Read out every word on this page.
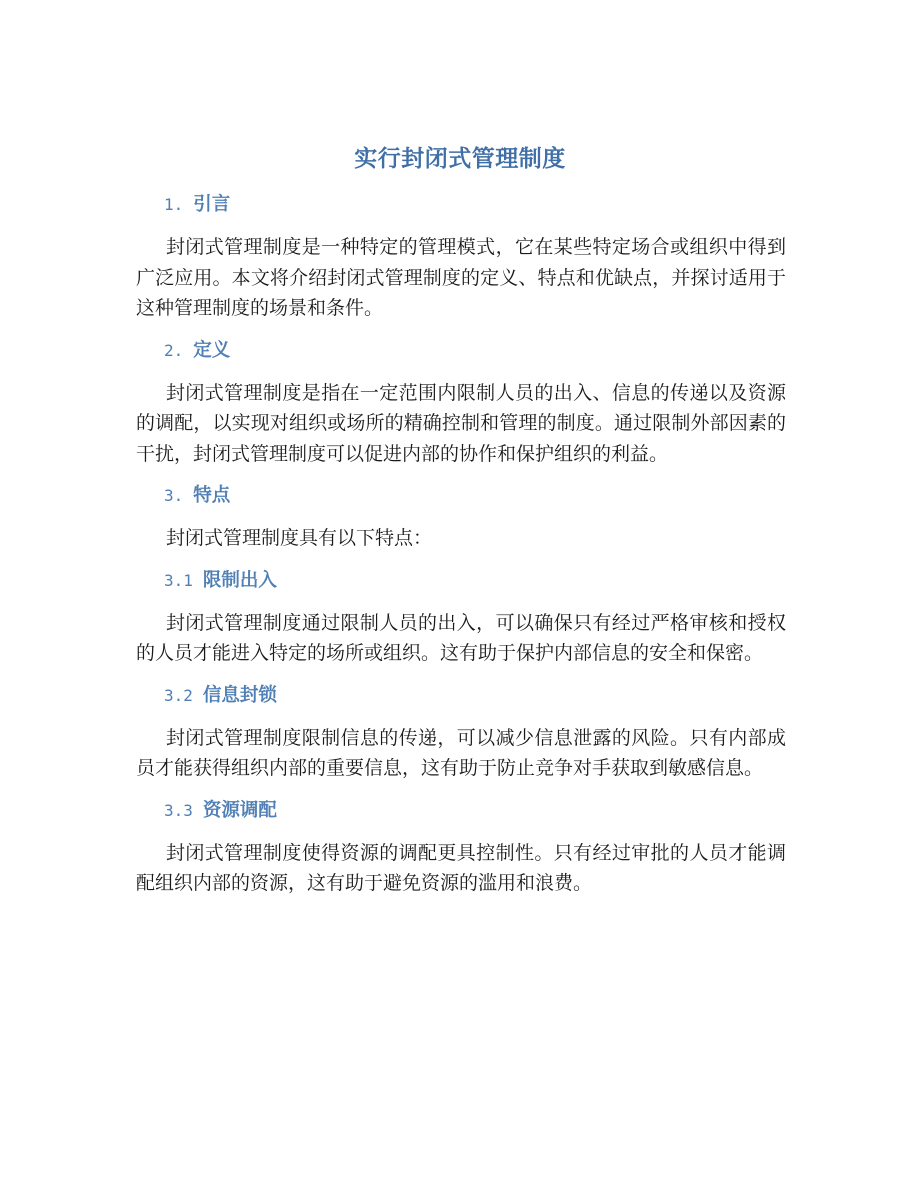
实行封闭式管理制度
1. 引言

封闭式管理制度是一种特定的管理模式，它在某些特定场合或组织中得到广泛应用。本文将介绍封闭式管理制度的定义、特点和优缺点，并探讨适用于这种管理制度的场景和条件。

2. 定义

封闭式管理制度是指在一定范围内限制人员的出入、信息的传递以及资源的调配，以实现对组织或场所的精确控制和管理的制度。通过限制外部因素的干扰，封闭式管理制度可以促进内部的协作和保护组织的利益。

3. 特点

封闭式管理制度具有以下特点：

3.1 限制出入

封闭式管理制度通过限制人员的出入，可以确保只有经过严格审核和授权的人员才能进入特定的场所或组织。这有助于保护内部信息的安全和保密。

3.2 信息封锁

封闭式管理制度限制信息的传递，可以减少信息泄露的风险。只有内部成员才能获得组织内部的重要信息，这有助于防止竞争对手获取到敏感信息。

3.3 资源调配

封闭式管理制度使得资源的调配更具控制性。只有经过审批的人员才能调配组织内部的资源，这有助于避免资源的滥用和浪费。
